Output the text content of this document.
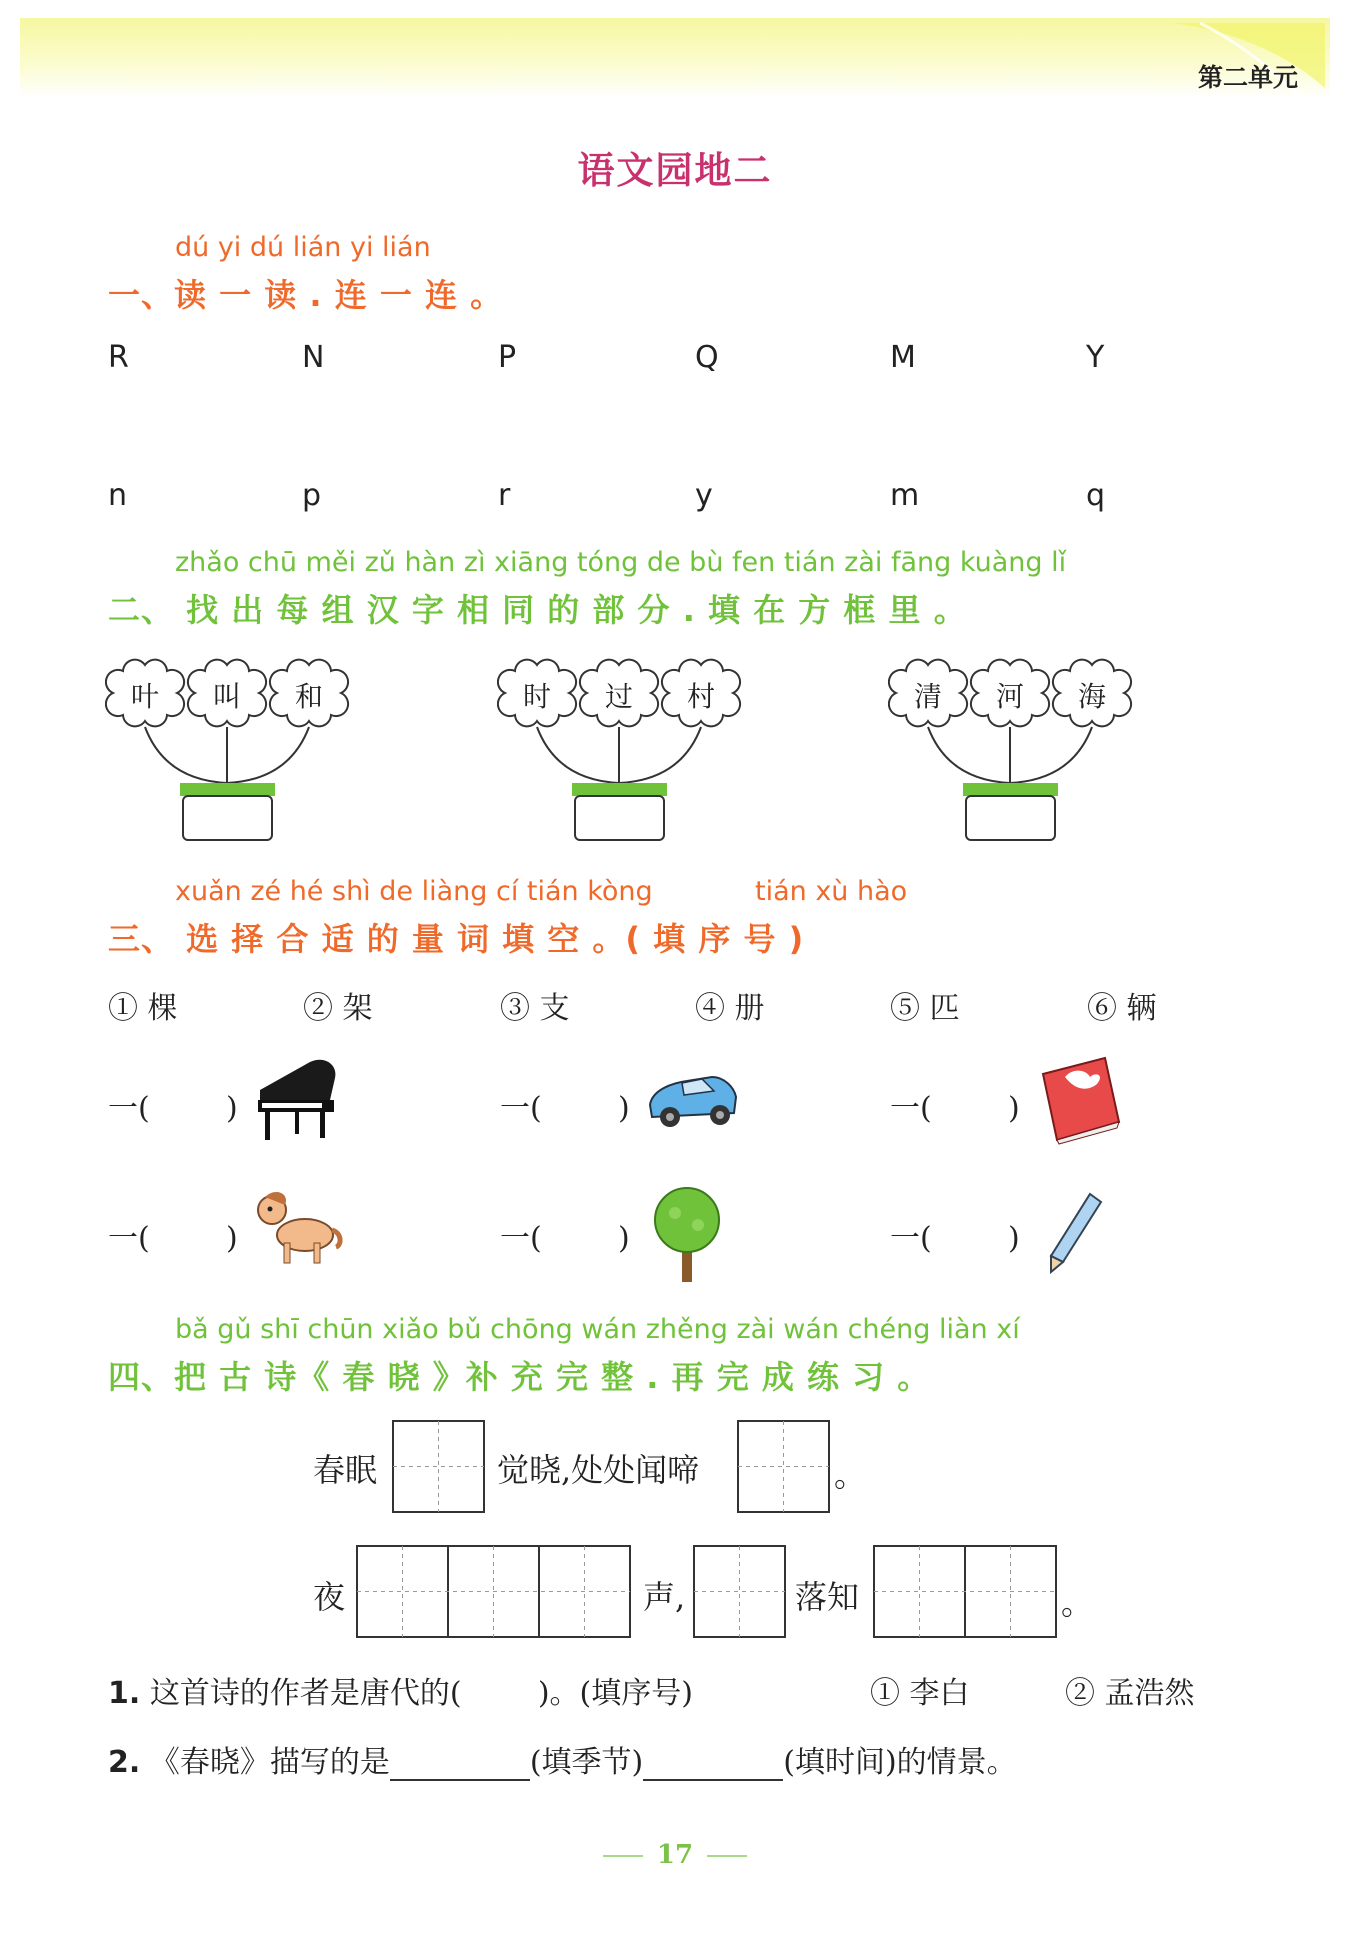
第二单元
语文园地二
dú yi dú lián yi lián
一、读 一 读 . 连 一 连 。
R	N	P	Q	M	Y
n	p	r	y	m	q
zhǎo chū měi zǔ hàn zì xiāng tóng de bù fen tián zài fāng kuàng lǐ
二、 找 出 每 组 汉 字 相 同 的 部 分 . 填 在 方 框 里 。
叶 叫 和	时 过 村	清 河 海
xuǎn zé hé shì de liàng cí tián kòng	tián xù hào
三、 选 择 合 适 的 量 词 填 空 。( 填 序 号 )
① 棵	② 架	③ 支	④ 册	⑤ 匹	⑥ 辆
一(        )	一(        )	一(        )
一(        )	一(        )	一(        )
bǎ gǔ shī chūn xiǎo bǔ chōng wán zhěng zài wán chéng liàn xí
四、把 古 诗《 春 晓 》补 充 完 整 . 再 完 成 练 习 。
春眠	觉晓,处处闻啼	。
夜	声,	落知	。
1. 这首诗的作者是唐代的(        )。(填序号)	① 李白	② 孟浩然
2. 《春晓》描写的是	(填季节)	(填时间)的情景。
17
